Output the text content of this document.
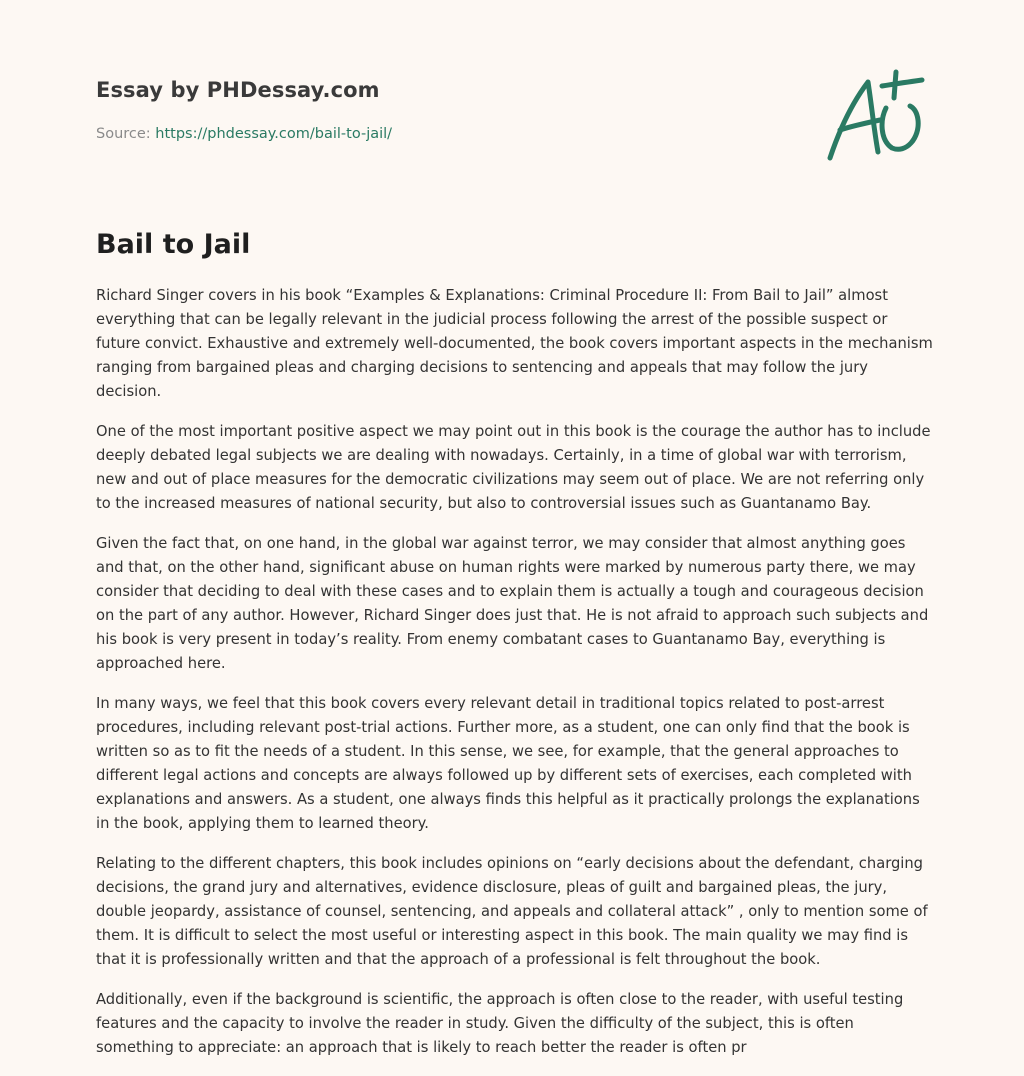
Essay by PHDessay.com
Source: https://phdessay.com/bail-to-jail/
Bail to Jail

Richard Singer covers in his book “Examples & Explanations: Criminal Procedure II: From Bail to Jail” almost everything that can be legally relevant in the judicial process following the arrest of the possible suspect or future convict. Exhaustive and extremely well-documented, the book covers important aspects in the mechanism ranging from bargained pleas and charging decisions to sentencing and appeals that may follow the jury decision.

One of the most important positive aspect we may point out in this book is the courage the author has to include deeply debated legal subjects we are dealing with nowadays. Certainly, in a time of global war with terrorism, new and out of place measures for the democratic civilizations may seem out of place. We are not referring only to the increased measures of national security, but also to controversial issues such as Guantanamo Bay.

Given the fact that, on one hand, in the global war against terror, we may consider that almost anything goes and that, on the other hand, significant abuse on human rights were marked by numerous party there, we may consider that deciding to deal with these cases and to explain them is actually a tough and courageous decision on the part of any author. However, Richard Singer does just that. He is not afraid to approach such subjects and his book is very present in today’s reality. From enemy combatant cases to Guantanamo Bay, everything is approached here.

In many ways, we feel that this book covers every relevant detail in traditional topics related to post-arrest procedures, including relevant post-trial actions. Further more, as a student, one can only find that the book is written so as to fit the needs of a student. In this sense, we see, for example, that the general approaches to different legal actions and concepts are always followed up by different sets of exercises, each completed with explanations and answers. As a student, one always finds this helpful as it practically prolongs the explanations in the book, applying them to learned theory.

Relating to the different chapters, this book includes opinions on “early decisions about the defendant, charging decisions, the grand jury and alternatives, evidence disclosure, pleas of guilt and bargained pleas, the jury, double jeopardy, assistance of counsel, sentencing, and appeals and collateral attack” , only to mention some of them. It is difficult to select the most useful or interesting aspect in this book. The main quality we may find is that it is professionally written and that the approach of a professional is felt throughout the book.

Additionally, even if the background is scientific, the approach is often close to the reader, with useful testing features and the capacity to involve the reader in study. Given the difficulty of the subject, this is often something to appreciate: an approach that is likely to reach better the reader is often pr
